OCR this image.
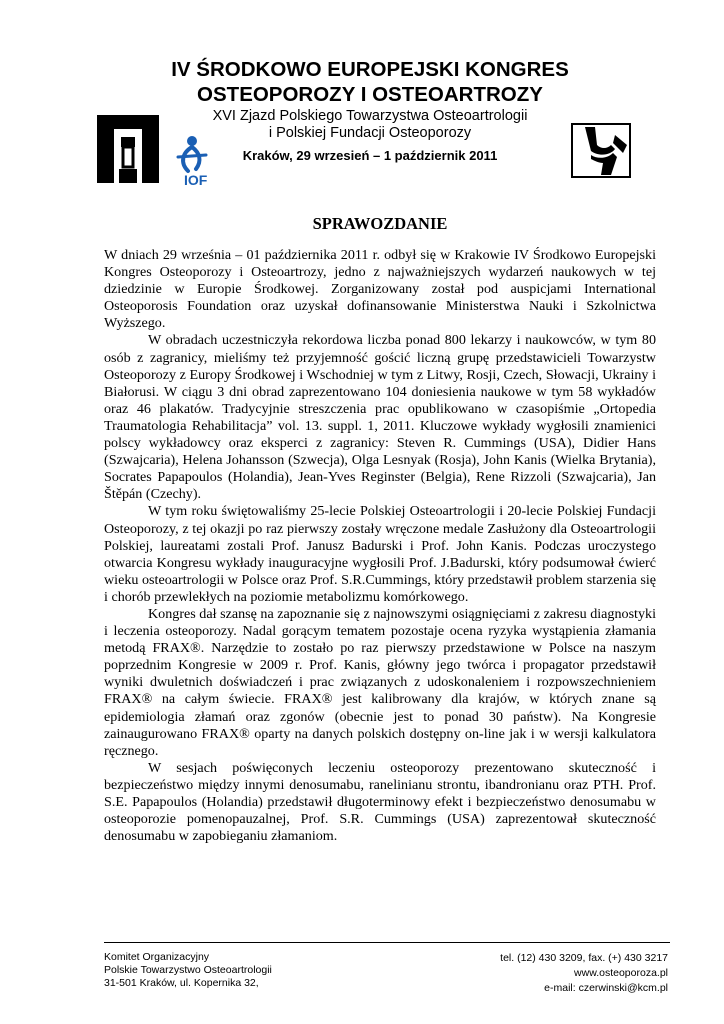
IV ŚRODKOWO EUROPEJSKI KONGRES
OSTEOPOROZY I OSTEOARTROZY
XVI Zjazd Polskiego Towarzystwa Osteoartrologii
i Polskiej Fundacji Osteoporozy
Kraków, 29 wrzesień – 1 październik 2011
IOF
SPRAWOZDANIE

W dniach 29 września – 01 października 2011 r. odbył się w Krakowie IV Środkowo Europejski Kongres Osteoporozy i Osteoartrozy, jedno z najważniejszych wydarzeń naukowych w tej dziedzinie w Europie Środkowej. Zorganizowany został pod auspicjami International Osteoporosis Foundation oraz uzyskał dofinansowanie Ministerstwa Nauki i Szkolnictwa Wyższego.

W obradach uczestniczyła rekordowa liczba ponad 800 lekarzy i naukowców, w tym 80 osób z zagranicy, mieliśmy też przyjemność gościć liczną grupę przedstawicieli Towarzystw Osteoporozy z Europy Środkowej i Wschodniej w tym z Litwy, Rosji, Czech, Słowacji, Ukrainy i Białorusi. W ciągu 3 dni obrad zaprezentowano 104 doniesienia naukowe w tym 58 wykładów oraz 46 plakatów. Tradycyjnie streszczenia prac opublikowano w czasopiśmie „Ortopedia Traumatologia Rehabilitacja” vol. 13. suppl. 1, 2011. Kluczowe wykłady wygłosili znamienici polscy wykładowcy oraz eksperci z zagranicy: Steven R. Cummings (USA), Didier Hans (Szwajcaria), Helena Johansson (Szwecja), Olga Lesnyak (Rosja), John Kanis (Wielka Brytania), Socrates Papapoulos (Holandia), Jean-Yves Reginster (Belgia), Rene Rizzoli (Szwajcaria), Jan Štěpán (Czechy).

W tym roku świętowaliśmy 25-lecie Polskiej Osteoartrologii i 20-lecie Polskiej Fundacji Osteoporozy, z tej okazji po raz pierwszy zostały wręczone medale Zasłużony dla Osteoartrologii Polskiej, laureatami zostali Prof. Janusz Badurski i Prof. John Kanis. Podczas uroczystego otwarcia Kongresu wykłady inauguracyjne wygłosili Prof. J.Badurski, który podsumował ćwierć wieku osteoartrologii w Polsce oraz Prof. S.R.Cummings, który przedstawił problem starzenia się i chorób przewlekłych na poziomie metabolizmu komórkowego.

Kongres dał szansę na zapoznanie się z najnowszymi osiągnięciami z zakresu diagnostyki i leczenia osteoporozy. Nadal gorącym tematem pozostaje ocena ryzyka wystąpienia złamania metodą FRAX®. Narzędzie to zostało po raz pierwszy przedstawione w Polsce na naszym poprzednim Kongresie w 2009 r. Prof. Kanis, główny jego twórca i propagator przedstawił wyniki dwuletnich doświadczeń i prac związanych z udoskonaleniem i rozpowszechnieniem FRAX® na całym świecie. FRAX® jest kalibrowany dla krajów, w których znane są epidemiologia złamań oraz zgonów (obecnie jest to ponad 30 państw). Na Kongresie zainaugurowano FRAX® oparty na danych polskich dostępny on-line jak i w wersji kalkulatora ręcznego.

W sesjach poświęconych leczeniu osteoporozy prezentowano skuteczność i bezpieczeństwo między innymi denosumabu, ranelinianu strontu, ibandronianu oraz PTH. Prof. S.E. Papapoulos (Holandia) przedstawił długoterminowy efekt i bezpieczeństwo denosumabu w osteoporozie pomenopauzalnej, Prof. S.R. Cummings (USA) zaprezentował skuteczność denosumabu w zapobieganiu złamaniom.

Komitet Organizacyjny
Polskie Towarzystwo Osteoartrologii
31-501 Kraków, ul. Kopernika 32,
tel. (12) 430 3209, fax. (+) 430 3217
www.osteoporoza.pl
e-mail: czerwinski@kcm.pl
